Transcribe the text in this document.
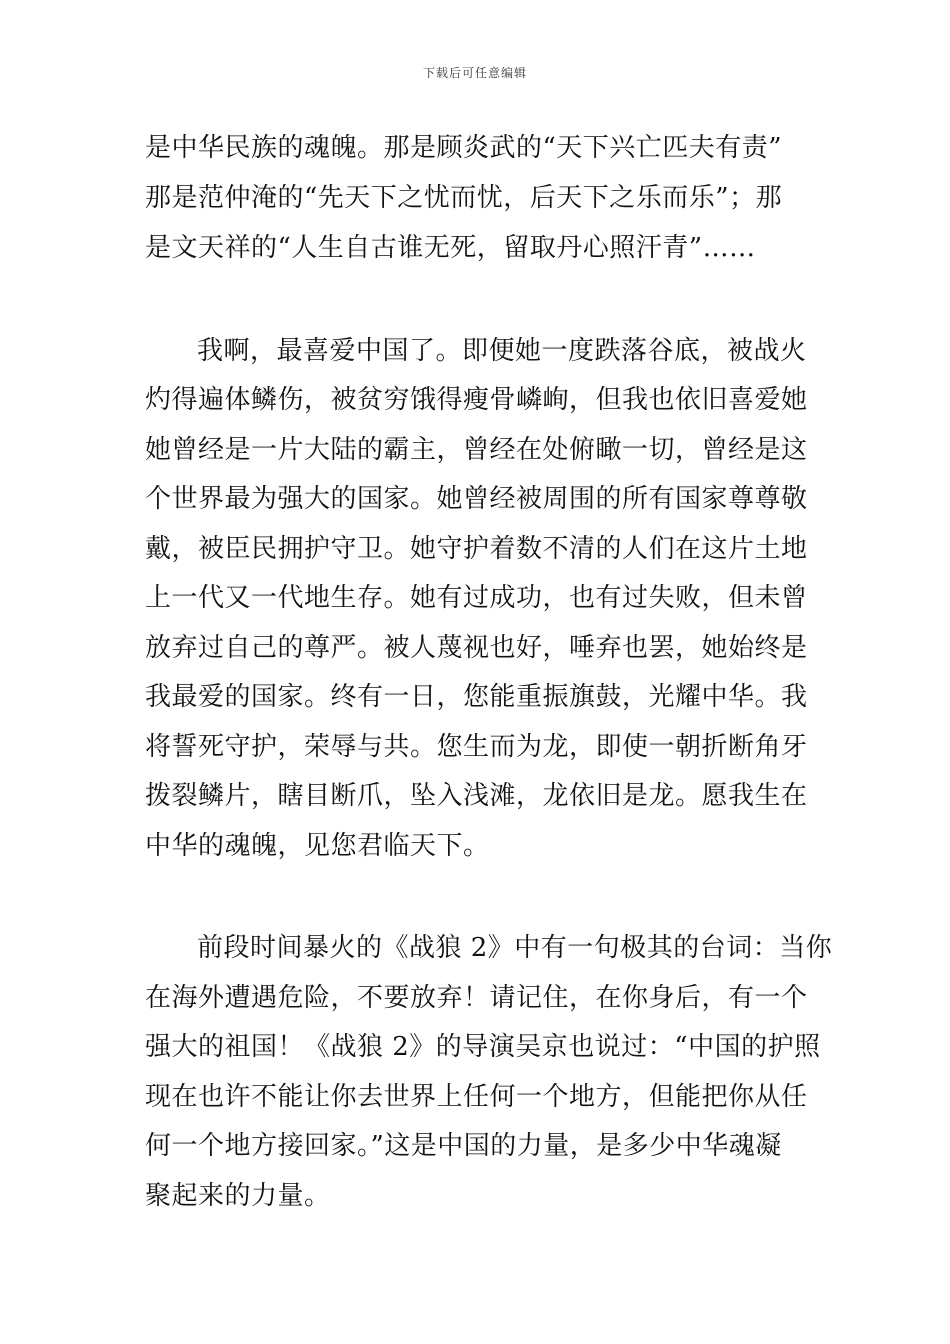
下载后可任意编辑
是中华民族的魂魄。那是顾炎武的“天下兴亡匹夫有责”
那是范仲淹的“先天下之忧而忧，后天下之乐而乐”；那
是文天祥的“人生自古谁无死，留取丹心照汗青”……
我啊，最喜爱中国了。即便她一度跌落谷底，被战火
灼得遍体鳞伤，被贫穷饿得瘦骨嶙峋，但我也依旧喜爱她
她曾经是一片大陆的霸主，曾经在处俯瞰一切，曾经是这
个世界最为强大的国家。她曾经被周围的所有国家尊尊敬
戴，被臣民拥护守卫。她守护着数不清的人们在这片土地
上一代又一代地生存。她有过成功，也有过失败，但未曾
放弃过自己的尊严。被人蔑视也好，唾弃也罢，她始终是
我最爱的国家。终有一日，您能重振旗鼓，光耀中华。我
将誓死守护，荣辱与共。您生而为龙，即使一朝折断角牙
拨裂鳞片，瞎目断爪，坠入浅滩，龙依旧是龙。愿我生在
中华的魂魄，见您君临天下。
前段时间暴火的《战狼 2》中有一句极其的台词：当你
在海外遭遇危险，不要放弃！请记住，在你身后，有一个
强大的祖国！《战狼 2》的导演吴京也说过：“中国的护照
现在也许不能让你去世界上任何一个地方，但能把你从任
何一个地方接回家。”这是中国的力量，是多少中华魂凝
聚起来的力量。
